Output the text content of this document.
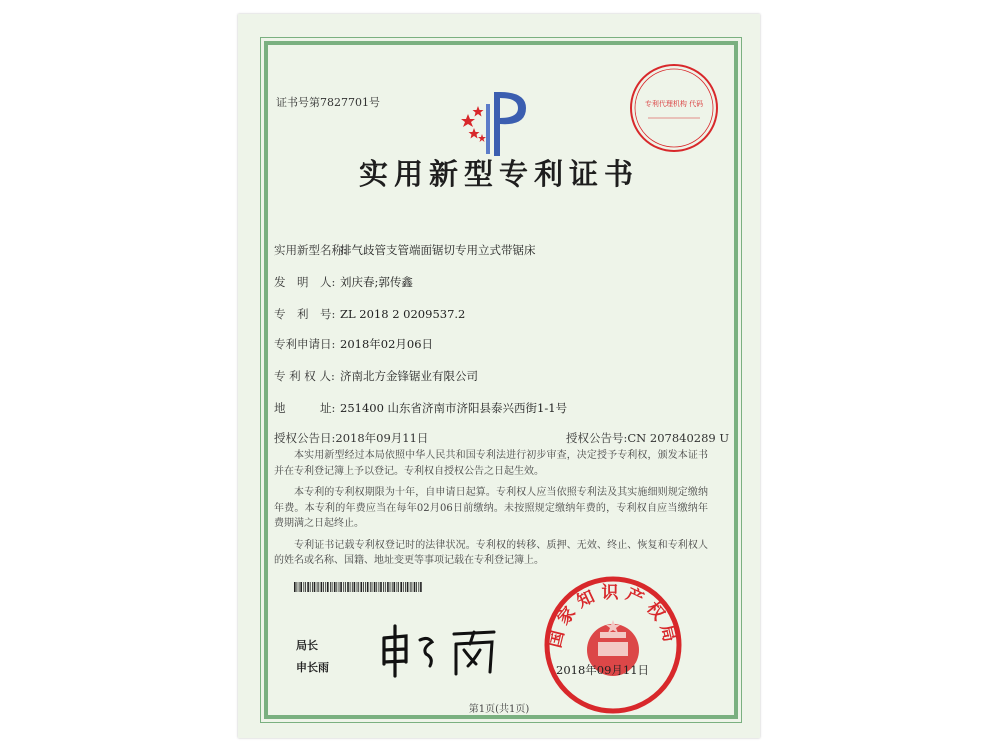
证书号第7827701号	专利代理机构 代码
实用新型专利证书
实用新型名称:排气歧管支管端面锯切专用立式带锯床
发　明　人: 刘庆春;郭传鑫
专　利　号: ZL 2018 2 0209537.2
专利申请日: 2018年02月06日
专 利 权 人: 济南北方金锋锯业有限公司
地　　　址: 251400 山东省济南市济阳县泰兴西街1-1号
授权公告日:2018年09月11日	授权公告号:CN 207840289 U

本实用新型经过本局依照中华人民共和国专利法进行初步审查，决定授予专利权，颁发本证书并在专利登记簿上予以登记。专利权自授权公告之日起生效。

本专利的专利权期限为十年，自申请日起算。专利权人应当依照专利法及其实施细则规定缴纳年费。本专利的年费应当在每年02月06日前缴纳。未按照规定缴纳年费的，专利权自应当缴纳年费期满之日起终止。

专利证书记载专利权登记时的法律状况。专利权的转移、质押、无效、终止、恢复和专利权人的姓名或名称、国籍、地址变更等事项记载在专利登记簿上。

局长
申长雨
国家知识产权局
2018年09月11日
第1页(共1页)
